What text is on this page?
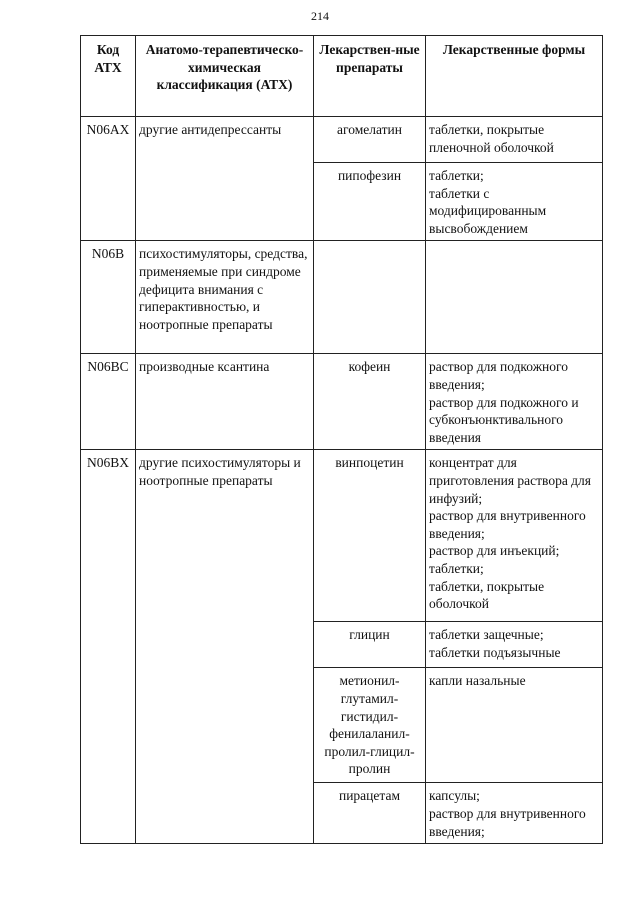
214
Код АТХ	Анатомо-терапевтическо-химическая классификация (АТХ)	Лекарствен-ные препараты	Лекарственные формы
N06AX	другие антидепрессанты	агомелатин	таблетки, покрытые пленочной оболочкой
		пипофезин	таблетки;
таблетки с модифицированным высвобождением
N06B	психостимуляторы, средства, применяемые при синдроме дефицита внимания с гиперактивностью, и ноотропные препараты		
N06BC	производные ксантина	кофеин	раствор для подкожного введения;
раствор для подкожного и субконъюнктивального введения
N06BX	другие психостимуляторы и ноотропные препараты	винпоцетин	концентрат для приготовления раствора для инфузий;
раствор для внутривенного введения;
раствор для инъекций;
таблетки;
таблетки, покрытые оболочкой
		глицин	таблетки защечные;
таблетки подъязычные
		метионил-глутамил-гистидил-фенилаланил-пролил-глицил-пролин	капли назальные
		пирацетам	капсулы;
раствор для внутривенного введения;
